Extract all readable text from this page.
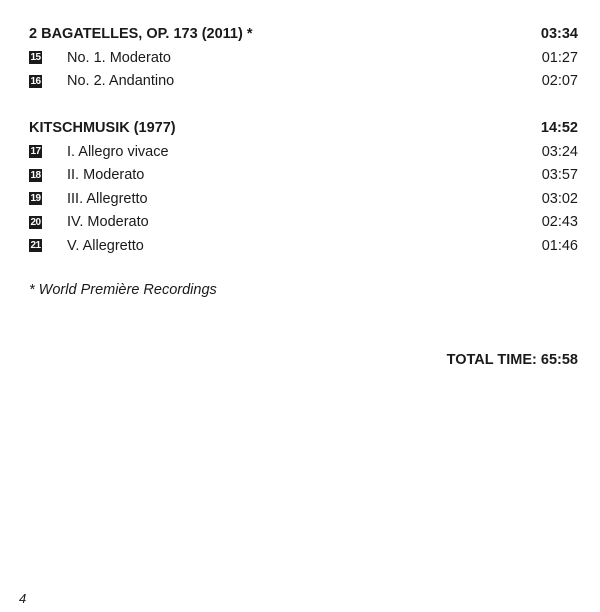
2 BAGATELLES, OP. 173 (2011) *	03:34
15 No. 1. Moderato	01:27
16 No. 2. Andantino	02:07
KITSCHMUSIK (1977)	14:52
17 I. Allegro vivace	03:24
18 II. Moderato	03:57
19 III. Allegretto	03:02
20 IV. Moderato	02:43
21 V. Allegretto	01:46
* World Première Recordings
TOTAL TIME: 65:58
4
